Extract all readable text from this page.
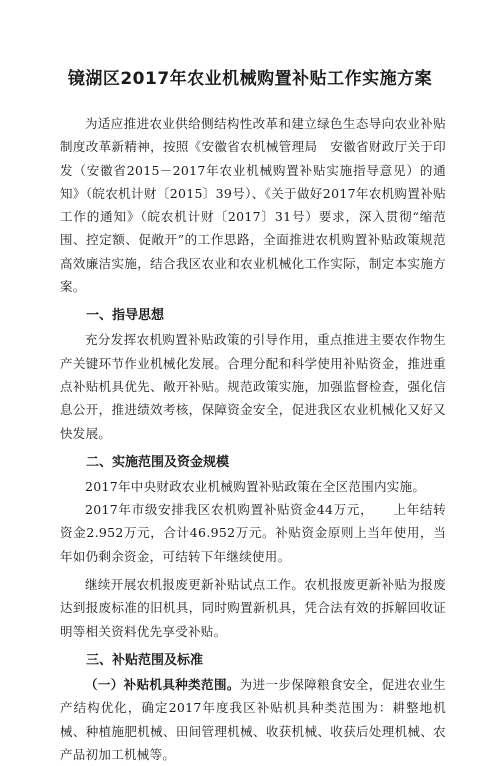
镜湖区2017年农业机械购置补贴工作实施方案

为适应推进农业供给侧结构性改革和建立绿色生态导向农业补贴制度改革新精神，按照《安徽省农机械管理局　安徽省财政厅关于印发（安徽省2015－2017年农业机械购置补贴实施指导意见）的通知》（皖农机计财〔2015〕39号）、《关于做好2017年农机购置补贴工作的通知》（皖农机计财〔2017〕31号）要求，深入贯彻“缩范围、控定额、促敞开”的工作思路，全面推进农机购置补贴政策规范高效廉洁实施，结合我区农业和农业机械化工作实际，制定本实施方案。

一、指导思想

充分发挥农机购置补贴政策的引导作用，重点推进主要农作物生产关键环节作业机械化发展。合理分配和科学使用补贴资金，推进重点补贴机具优先、敞开补贴。规范政策实施，加强监督检查，强化信息公开，推进绩效考核，保障资金安全，促进我区农业机械化又好又快发展。

二、实施范围及资金规模

2017年中央财政农业机械购置补贴政策在全区范围内实施。

2017年市级安排我区农机购置补贴资金44万元，　　上年结转资金2.952万元，合计46.952万元。补贴资金原则上当年使用，当年如仍剩余资金，可结转下年继续使用。

继续开展农机报废更新补贴试点工作。农机报废更新补贴为报废达到报废标准的旧机具，同时购置新机具，凭合法有效的拆解回收证明等相关资料优先享受补贴。

三、补贴范围及标准

（一）补贴机具种类范围。为进一步保障粮食安全，促进农业生产结构优化，确定2017年度我区补贴机具种类范围为：耕整地机械、种植施肥机械、田间管理机械、收获机械、收获后处理机械、农产品初加工机械等。
